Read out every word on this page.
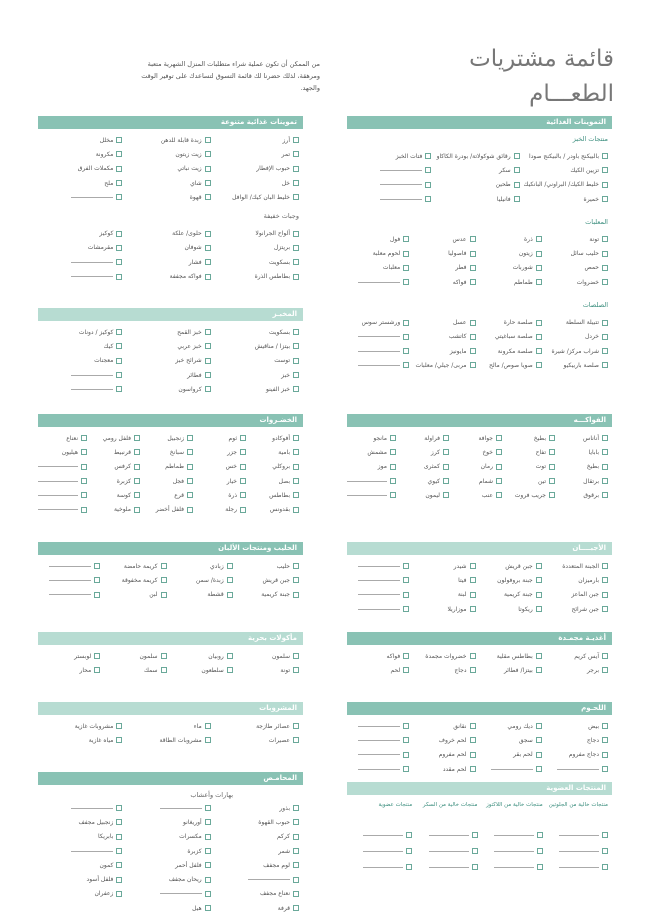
قائمة مشتريات
الطعـــام
من الممكن أن تكون عملية شراء متطلبات المنزل الشهرية متعبة ومرهقة، لذلك حضرنا لك قائمة التسوق لتساعدك على توفير الوقت والجهد.
التموينات الغذائية
منتجات الخبز
بالبيكنج باودر / بالبيكنج صودا
رقائق شوكولاتة/ بودرة الكاكاو
فتات الخبز
تزيين الكيك
سكر
خليط الكيك/ البراوني/ البانكيك
طحين
خميرة
فانيليا
المعلبات
تونة
ذرة
عدس
فول
حليب سائل
زيتون
فاصوليا
لحوم معلبة
حمص
شوربات
فطر
معلبات
خضروات
طماطم
فواكه
الصلصات
تتبيلة السلطة
صلصة حارة
عسل
ورشستر سوس
خردل
صلصة سباغيتي
كاتشب
شراب مركز/ شيرة
صلصة مكرونة
مايونيز
صلصة باربيكيو
صويا صوص/ مالح
مربى/ جيلي/ معلبات
الفواكـــه
أناناس
بطيخ
جوافة
فراولة
مانجو
بابايا
تفاح
خوخ
كرز
مشمش
بطيخ
توت
رمان
كمثرى
موز
برتقال
تين
شمام
كيوي
برقوق
جريب فروت
عنب
ليمون
الأجبــــان
الجبنة المتعددة
جبن قريش
شيدر
بارميزان
جبنة بروفولون
فيتا
جبن الماعز
جبنة كريمية
لبنة
جبن شرائح
ريكوتا
موزاريلا
أغذيـة مجمـدة
آيس كريم
بطاطس مقلية
خضروات مجمدة
فواكه
برجر
بيتزا/ فطائر
دجاج
لحم
اللحـوم
بيض
ديك رومي
نقانق
دجاج
سجق
لحم خروف
دجاج مفروم
لحم بقر
لحم مفروم
لحم مقدد
المنتجات العضوية
منتجات خالية من الجلوتين
منتجات خالية من اللاكتوز
منتجات خالية من السكر
منتجات عضوية
تموينات غذائية متنوعة
أرز
زبدة قابلة للدهن
مخلل
تمر
زيت زيتون
مكرونة
حبوب الإفطار
زيت نباتي
مكملات الفرق
خل
شاي
ملح
خليط البان كيك/ الوافل
قهوة
وجبات خفيفة
ألواح الجرانولا
حلوى/ علكة
كوكيز
بريتزل
شوفان
مقرمشات
بسكويت
فشار
بطاطس الذرة
فواكه مجففة
المخبـز
بسكويت
خبز القمح
كوكيز / دونات
بيتزا / مناقيش
خبز عربي
كيك
توست
شرائح خبز
معجنات
خبز
فطائر
خبز الفينو
كرواسون
الخضـروات
أفوكادو
ثوم
زنجبيل
فلفل رومي
نعناع
بامية
جزر
سبانخ
قرنبيط
هيليون
بروكلي
خس
طماطم
كرفس
بصل
خيار
فجل
كزبرة
بطاطس
ذرة
قرع
كوسة
بقدونس
رجلة
فلفل أخضر
ملوخية
الحليب ومنتجات الألبان
حليب
زبادي
كريمة حامضة
جبن قريش
زبدة/ سمن
كريمة مخفوقة
جبنة كريمية
قشطة
لبن
مأكولات بحرية
سلمون
روبيان
سلمون
لوبستر
تونة
سلطعون
سمك
محار
المشروبات
عصائر طازجة
ماء
مشروبات غازية
عصيرات
مشروبات الطاقة
مياه غازية
المحامـص
بهارات وأعشاب
بذور
حبوب القهوة
أوريغانو
زنجبيل مجفف
كركم
مكسرات
بابريكا
شمر
كزبرة
لوم مجفف
فلفل أحمر
كمون
ريحان مجفف
فلفل أسود
نعناع مجفف
زعفران
قرفة
هيل
